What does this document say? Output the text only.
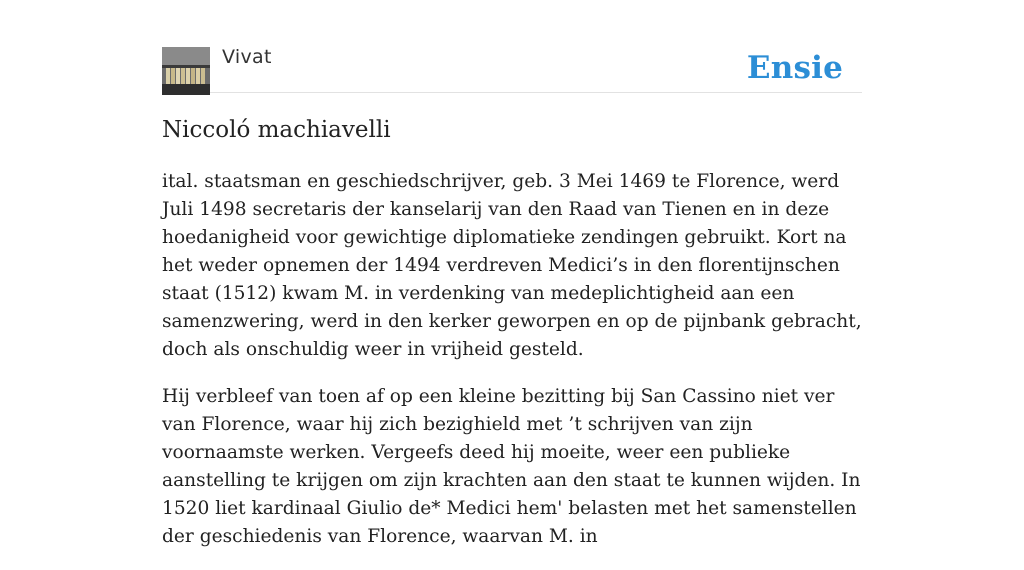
Vivat	Ensie
Niccoló machiavelli

ital. staatsman en geschiedschrijver, geb. 3 Mei 1469 te Florence, werd Juli 1498 secretaris der kanselarij van den Raad van Tienen en in deze hoedanigheid voor gewichtige diplomatieke zendingen gebruikt. Kort na het weder opnemen der 1494 verdreven Medici’s in den florentijnschen staat (1512) kwam M. in verdenking van medeplichtigheid aan een samenzwering, werd in den kerker geworpen en op de pijnbank gebracht, doch als onschuldig weer in vrijheid gesteld.

Hij verbleef van toen af op een kleine bezitting bij San Cassino niet ver van Florence, waar hij zich bezighield met ’t schrijven van zijn voornaamste werken. Vergeefs deed hij moeite, weer een publieke aanstelling te krijgen om zijn krachten aan den staat te kunnen wijden. In 1520 liet kardinaal Giulio de* Medici hem' belasten met het samenstellen der geschiedenis van Florence, waarvan M. in
